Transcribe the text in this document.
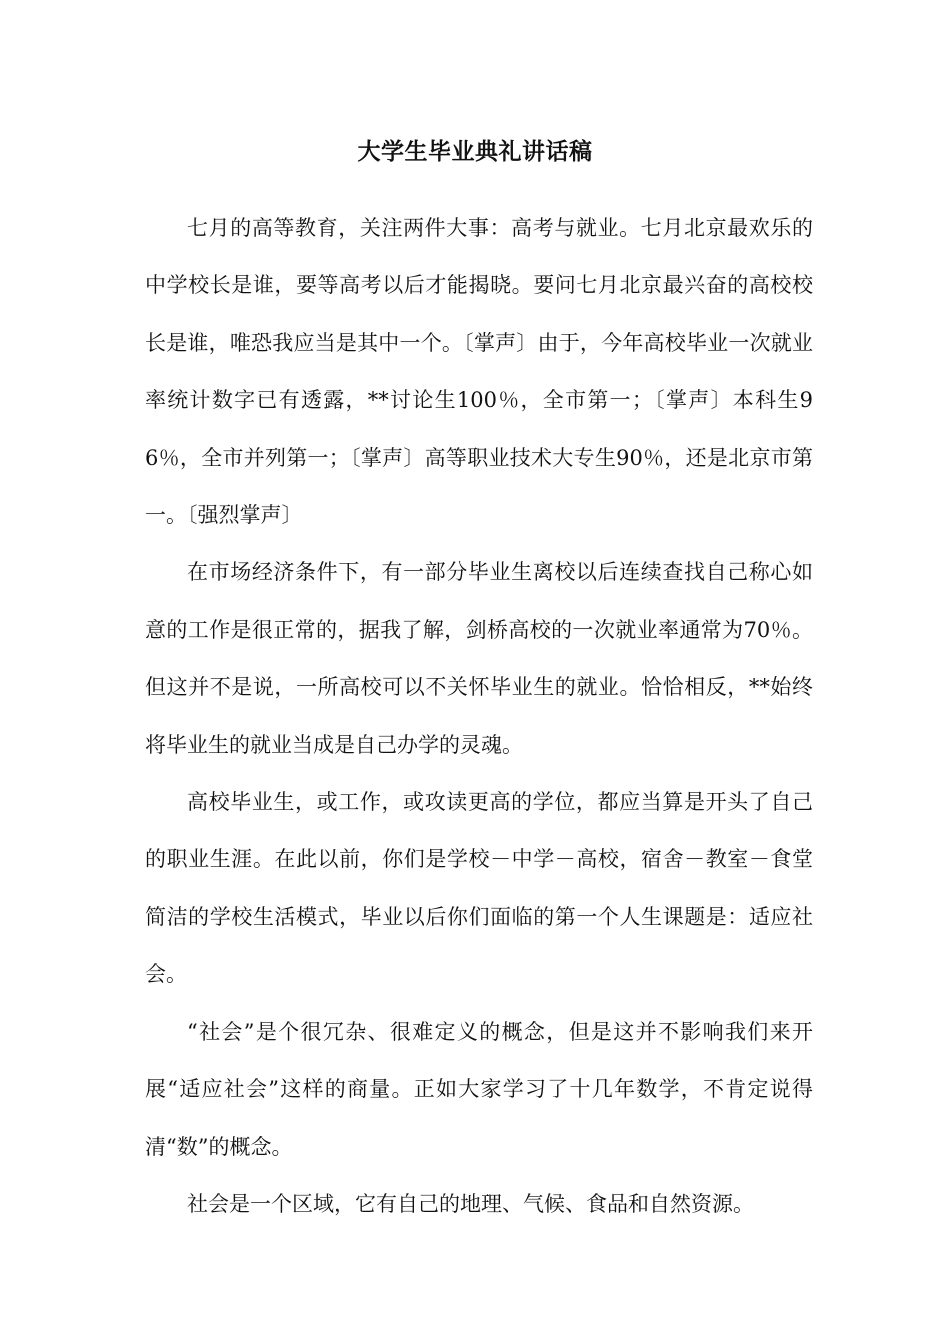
大学生毕业典礼讲话稿

七月的高等教育，关注两件大事：高考与就业。七月北京最欢乐的中学校长是谁，要等高考以后才能揭晓。要问七月北京最兴奋的高校校长是谁，唯恐我应当是其中一个。〔掌声〕由于，今年高校毕业一次就业率统计数字已有透露，**讨论生100％，全市第一；〔掌声〕本科生96％，全市并列第一；〔掌声〕高等职业技术大专生90％，还是北京市第一。〔强烈掌声〕

在市场经济条件下，有一部分毕业生离校以后连续查找自己称心如意的工作是很正常的，据我了解，剑桥高校的一次就业率通常为70％。但这并不是说，一所高校可以不关怀毕业生的就业。恰恰相反，**始终将毕业生的就业当成是自己办学的灵魂。

高校毕业生，或工作，或攻读更高的学位，都应当算是开头了自己的职业生涯。在此以前，你们是学校－中学－高校，宿舍－教室－食堂简洁的学校生活模式，毕业以后你们面临的第一个人生课题是：适应社会。

“社会”是个很冗杂、很难定义的概念，但是这并不影响我们来开展“适应社会”这样的商量。正如大家学习了十几年数学，不肯定说得清“数”的概念。

社会是一个区域，它有自己的地理、气候、食品和自然资源。
